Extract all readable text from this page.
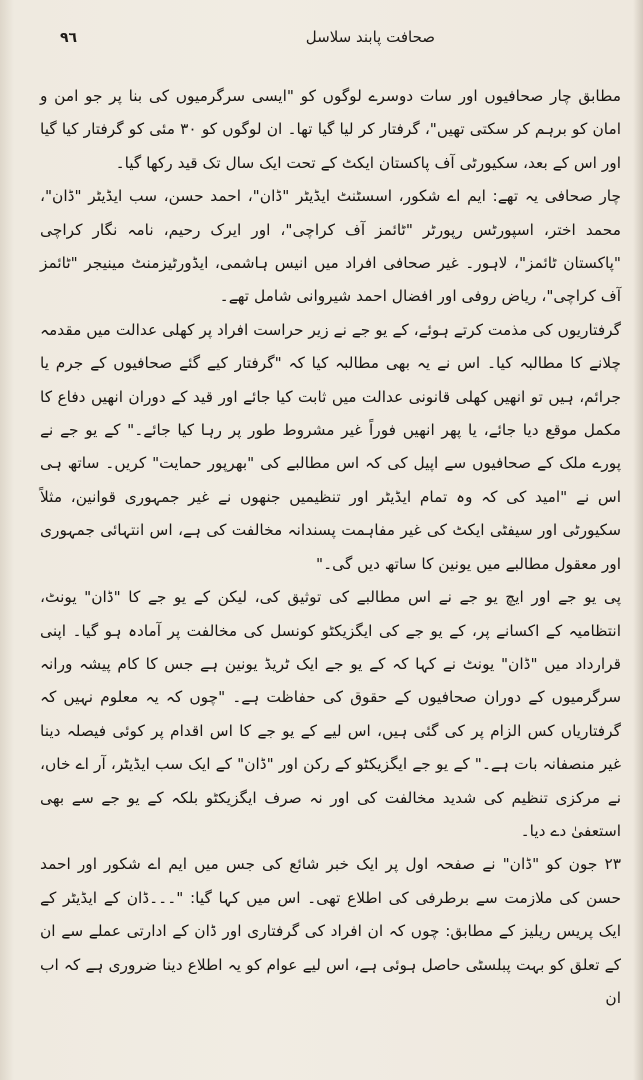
٩٦	صحافت پابند سلاسل

مطابق چار صحافیوں اور سات دوسرے لوگوں کو "ایسی سرگرمیوں کی بنا پر جو امن و امان کو برہم کر سکتی تھیں"، گرفتار کر لیا گیا تھا۔ ان لوگوں کو ۳۰ مئی کو گرفتار کیا گیا اور اس کے بعد، سکیورٹی آف پاکستان ایکٹ کے تحت ایک سال تک قید رکھا گیا۔

چار صحافی یہ تھے: ایم اے شکور، اسسٹنٹ ایڈیٹر "ڈان"، احمد حسن، سب ایڈیٹر "ڈان"، محمد اختر، اسپورٹس رپورٹر "ٹائمز آف کراچی"، اور ایرک رحیم، نامہ نگار کراچی "پاکستان ٹائمز"، لاہور۔ غیر صحافی افراد میں انیس ہاشمی، ایڈورٹیزمنٹ مینیجر "ٹائمز آف کراچی"، ریاض روفی اور افضال احمد شیروانی شامل تھے۔

گرفتاریوں کی مذمت کرتے ہوئے، کے یو جے نے زیر حراست افراد پر کھلی عدالت میں مقدمہ چلانے کا مطالبہ کیا۔ اس نے یہ بھی مطالبہ کیا کہ "گرفتار کیے گئے صحافیوں کے جرم یا جرائم، ہیں تو انھیں کھلی قانونی عدالت میں ثابت کیا جائے اور قید کے دوران انھیں دفاع کا مکمل موقع دیا جائے، یا پھر انھیں فوراً غیر مشروط طور پر رہا کیا جائے۔" کے یو جے نے پورے ملک کے صحافیوں سے اپیل کی کہ اس مطالبے کی "بھرپور حمایت" کریں۔ ساتھ ہی اس نے "امید کی کہ وہ تمام ایڈیٹر اور تنظیمیں جنھوں نے غیر جمہوری قوانین، مثلاً سکیورٹی اور سیفٹی ایکٹ کی غیر مفاہمت پسندانہ مخالفت کی ہے، اس انتہائی جمہوری اور معقول مطالبے میں یونین کا ساتھ دیں گی۔"

پی یو جے اور ایچ یو جے نے اس مطالبے کی توثیق کی، لیکن کے یو جے کا "ڈان" یونٹ، انتظامیہ کے اکسانے پر، کے یو جے کی ایگزیکٹو کونسل کی مخالفت پر آمادہ ہو گیا۔ اپنی قرارداد میں "ڈان" یونٹ نے کہا کہ کے یو جے ایک ٹریڈ یونین ہے جس کا کام پیشہ ورانہ سرگرمیوں کے دوران صحافیوں کے حقوق کی حفاظت ہے۔ "چوں کہ یہ معلوم نہیں کہ گرفتاریاں کس الزام پر کی گئی ہیں، اس لیے کے یو جے کا اس اقدام پر کوئی فیصلہ دینا غیر منصفانہ بات ہے۔" کے یو جے ایگزیکٹو کے رکن اور "ڈان" کے ایک سب ایڈیٹر، آر اے خاں، نے مرکزی تنظیم کی شدید مخالفت کی اور نہ صرف ایگزیکٹو بلکہ کے یو جے سے بھی استعفیٰ دے دیا۔

۲۳ جون کو "ڈان" نے صفحہ اول پر ایک خبر شائع کی جس میں ایم اے شکور اور احمد حسن کی ملازمت سے برطرفی کی اطلاع تھی۔ اس میں کہا گیا: "۔۔۔ڈان کے ایڈیٹر کے ایک پریس ریلیز کے مطابق: چوں کہ ان افراد کی گرفتاری اور ڈان کے ادارتی عملے سے ان کے تعلق کو بہت پبلسٹی حاصل ہوئی ہے، اس لیے عوام کو یہ اطلاع دینا ضروری ہے کہ اب ان
